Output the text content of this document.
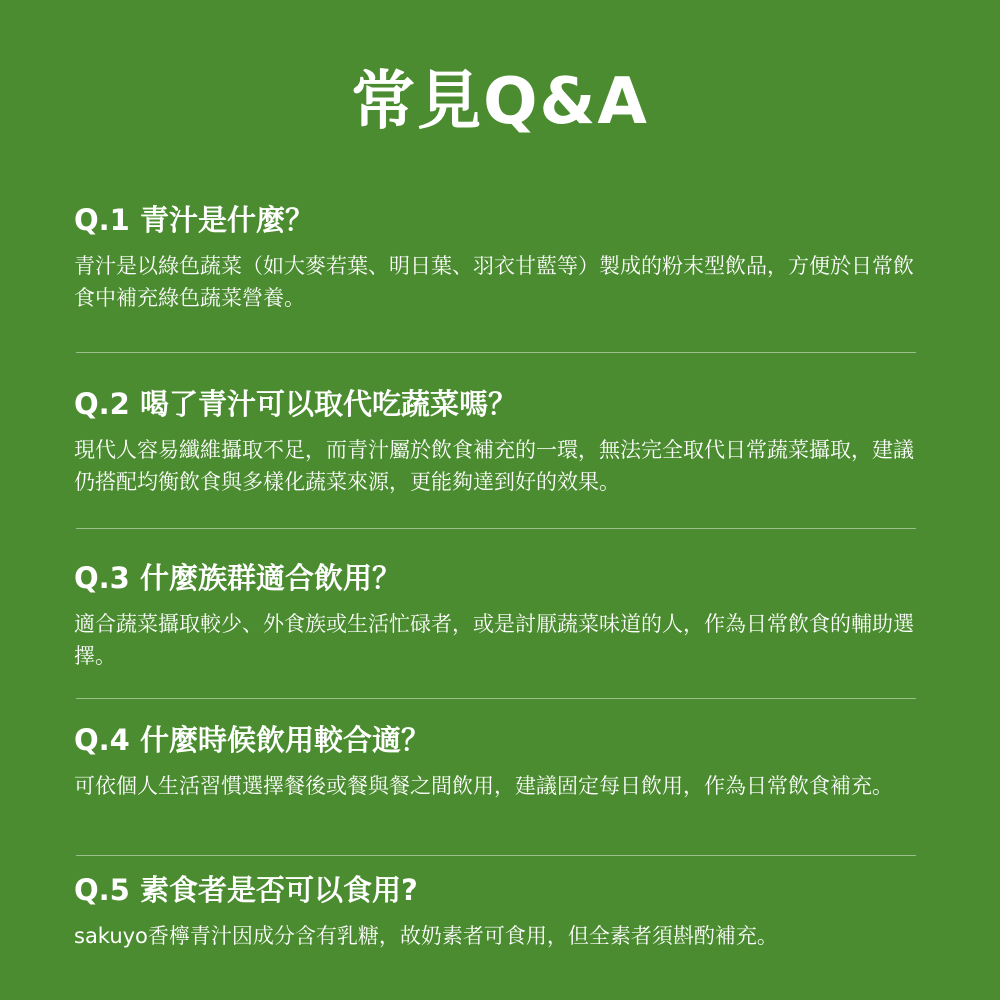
常見Q&A
Q.1 青汁是什麼？

青汁是以綠色蔬菜（如大麥若葉、明日葉、羽衣甘藍等）製成的粉末型飲品，方便於日常飲食中補充綠色蔬菜營養。

Q.2 喝了青汁可以取代吃蔬菜嗎？

現代人容易纖維攝取不足，而青汁屬於飲食補充的一環，無法完全取代日常蔬菜攝取，建議仍搭配均衡飲食與多樣化蔬菜來源，更能夠達到好的效果。

Q.3 什麼族群適合飲用？

適合蔬菜攝取較少、外食族或生活忙碌者，或是討厭蔬菜味道的人，作為日常飲食的輔助選擇。

Q.4 什麼時候飲用較合適？

可依個人生活習慣選擇餐後或餐與餐之間飲用，建議固定每日飲用，作為日常飲食補充。

Q.5 素食者是否可以食用?

sakuyo香檸青汁因成分含有乳糖，故奶素者可食用，但全素者須斟酌補充。
